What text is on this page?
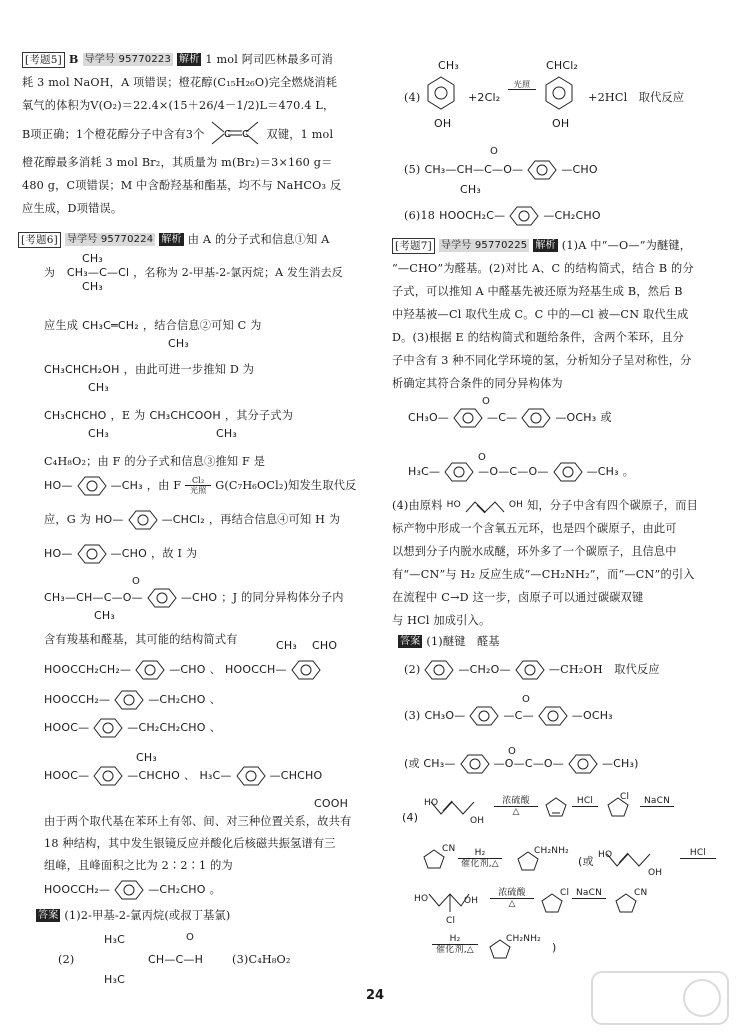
[考题5] B 导学号 95770223 解析 1 mol 阿司匹林最多可消
耗 3 mol NaOH，A 项错误；橙花醇(C₁₅H₂₆O)完全燃烧消耗
氧气的体积为V(O₂)＝22.4×(15＋26/4－1/2)L＝470.4 L，
B项正确；1个橙花醇分子中含有3个 C C 双键，1 mol
橙花醇最多消耗 3 mol Br₂，其质量为 m(Br₂)＝3×160 g＝
480 g，C项错误；M 中含酚羟基和酯基，均不与 NaHCO₃ 反
应生成，D项错误。
[考题6] 导学号 95770224 解析 由 A 的分子式和信息①知 A
CH₃
为
CH₃—C—Cl ，名称为 2-甲基-2-氯丙烷；A 发生消去反
CH₃
应生成 CH₃C═CH₂ ，结合信息②可知 C 为
CH₃
CH₃CHCH₂OH ，由此可进一步推知 D 为
CH₃
CH₃CHCHO ，E 为 CH₃CHCOOH ，其分子式为
CH₃	CH₃
C₄H₈O₂；由 F 的分子式和信息③推知 F 是
HO—	—CH₃ ，由 F Cl₂
光照 G(C₇H₆OCl₂)知发生取代反
应，G 为 HO—	—CHCl₂ ，再结合信息④可知 H 为
HO—	—CHO ，故 I 为
O
CH₃—CH—C—O—	—CHO ；J 的同分异构体分子内
CH₃
含有羧基和醛基，其可能的结构简式有
HOOCCH₂CH₂—	—CHO 、 HOOCCH—
CH₃ CHO
HOOCCH₂—	—CH₂CHO 、
HOOC—	—CH₂CH₂CHO 、
HOOC—	—CHCHO 、 H₃C—	—CHCHO
CH₃
COOH
由于两个取代基在苯环上有邻、间、对三种位置关系，故共有
18 种结构，其中发生银镜反应并酸化后核磁共振氢谱有三
组峰，且峰面积之比为 2∶2∶1 的为
HOOCCH₂—	—CH₂CHO 。
答案 (1)2-甲基-2-氯丙烷(或叔丁基氯)
(2)
H₃C
CH—C—H
O
H₃C
(3)C₄H₈O₂
(4)
CH₃
OH
+2Cl₂
光照
CHCl₂
OH
+2HCl　取代反应
O
(5) CH₃—CH—C—O—	—CHO
CH₃
(6)18 HOOCH₂C—	—CH₂CHO
[考题7] 导学号 95770225 解析 (1)A 中“—O—”为醚键，
“—CHO”为醛基。(2)对比 A、C 的结构简式，结合 B 的分
子式，可以推知 A 中醛基先被还原为羟基生成 B，然后 B
中羟基被—Cl 取代生成 C。C 中的—Cl 被—CN 取代生成
D。(3)根据 E 的结构简式和题给条件，含两个苯环，且分
子中含有 3 种不同化学环境的氢，分析知分子呈对称性，分
析确定其符合条件的同分异构体为
O
CH₃O—	—C—	—OCH₃ 或
O
H₃C—	—O—C—O—	—CH₃ 。
(4)由原料 HO	OH 知，分子中含有四个碳原子，而目
标产物中形成一个含氧五元环，也是四个碳原子，由此可
以想到分子内脱水成醚，环外多了一个碳原子，且信息中
有“—CN”与 H₂ 反应生成“—CH₂NH₂”，而“—CN”的引入
在流程中 C→D 这一步，卤原子可以通过碳碳双键
与 HCl 加成引入。
答案 (1)醚键　醛基
(2)	—CH₂O—	—CH₂OH　取代反应
O
(3) CH₃O—	—C—	—OCH₃
O
(或 CH₃—	—O—C—O—	—CH₃)
(4)
HO
OH
浓硫酸
△
HCl	Cl NaCN
CN H₂
催化剂,△
CH₂NH₂
(或 HO
OH
HCl
HO	OH
Cl
浓硫酸
△
Cl NaCN	CN
H₂
催化剂,△
CH₂NH₂
)
24
